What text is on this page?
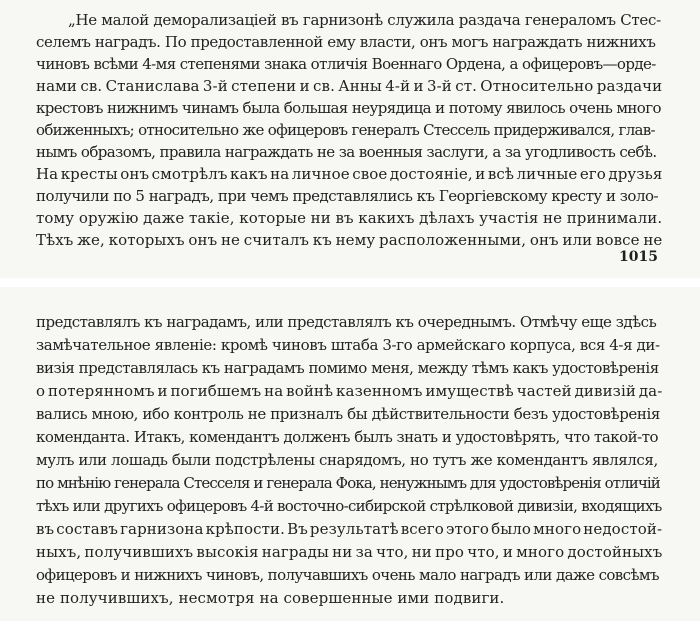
„Не малой деморализаціей въ гарнизонѣ служила раздача генераломъ Стес-
селемъ наградъ. По предоставленной ему власти, онъ могъ награждать нижнихъ
чиновъ всѣми 4-мя степенями знака отличія Военнаго Ордена, а офицеровъ—орде-
нами св. Станислава 3-й степени и св. Анны 4-й и 3-й ст. Относительно раздачи
крестовъ нижнимъ чинамъ была большая неурядица и потому явилось очень много
обиженныхъ; относительно же офицеровъ генералъ Стессель придерживался, глав-
нымъ образомъ, правила награждать не за военныя заслуги, а за угодливость себѣ.
На кресты онъ смотрѣлъ какъ на личное свое достояніе, и всѣ личные его друзья
получили по 5 наградъ, при чемъ представлялись къ Георгіевскому кресту и золо-
тому оружію даже такіе, которые ни въ какихъ дѣлахъ участія не принимали.
Тѣхъ же, которыхъ онъ не считалъ къ нему расположенными, онъ или вовсе не
1015
представлялъ къ наградамъ, или представлялъ къ очереднымъ. Отмѣчу еще здѣсь
замѣчательное явленіе: кромѣ чиновъ штаба 3-го армейскаго корпуса, вся 4-я ди-
визія представлялась къ наградамъ помимо меня, между тѣмъ какъ удостовѣренія
о потерянномъ и погибшемъ на войнѣ казенномъ имуществѣ частей дивизій да-
вались мною, ибо контроль не призналъ бы дѣйствительности безъ удостовѣренія
коменданта. Итакъ, комендантъ долженъ былъ знать и удостовѣрять, что такой-то
мулъ или лошадь были подстрѣлены снарядомъ, но тутъ же комендантъ являлся,
по мнѣнію генерала Стесселя и генерала Фока, ненужнымъ для удостовѣренія отличій
тѣхъ или другихъ офицеровъ 4-й восточно-сибирской стрѣлковой дивизіи, входящихъ
въ составъ гарнизона крѣпости. Въ результатѣ всего этого было много недостой-
ныхъ, получившихъ высокія награды ни за что, ни про что, и много достойныхъ
офицеровъ и нижнихъ чиновъ, получавшихъ очень мало наградъ или даже совсѣмъ
не получившихъ, несмотря на совершенные ими подвиги.
